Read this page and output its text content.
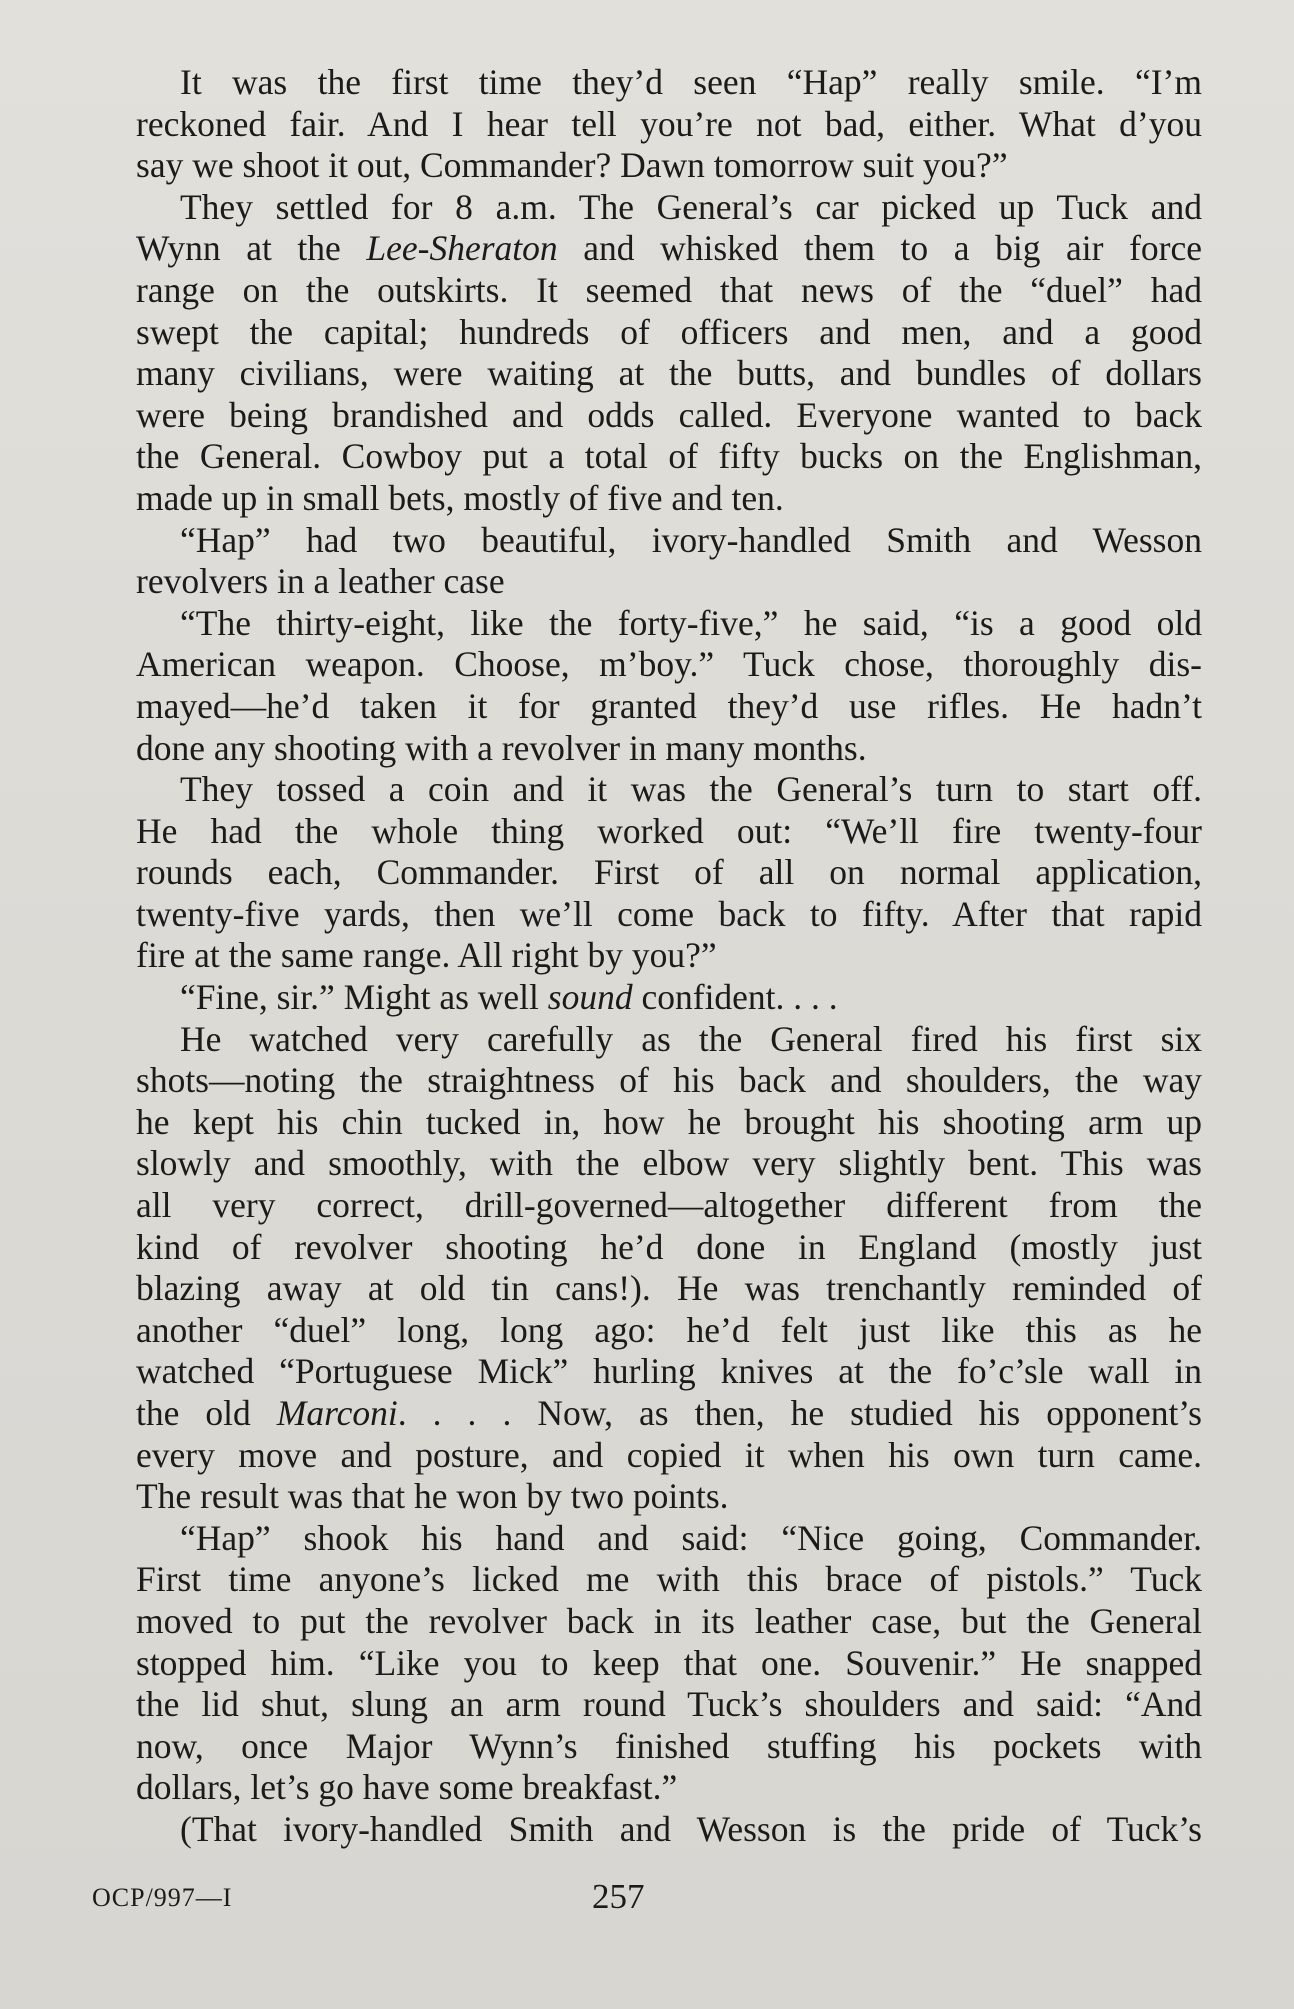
It was the first time they’d seen “Hap” really smile. “I’m
reckoned fair. And I hear tell you’re not bad, either. What d’you
say we shoot it out, Commander? Dawn tomorrow suit you?”
They settled for 8 a.m. The General’s car picked up Tuck and
Wynn at the Lee-Sheraton and whisked them to a big air force
range on the outskirts. It seemed that news of the “duel” had
swept the capital; hundreds of officers and men, and a good
many civilians, were waiting at the butts, and bundles of dollars
were being brandished and odds called. Everyone wanted to back
the General. Cowboy put a total of fifty bucks on the Englishman,
made up in small bets, mostly of five and ten.
“Hap” had two beautiful, ivory-handled Smith and Wesson
revolvers in a leather case
“The thirty-eight, like the forty-five,” he said, “is a good old
American weapon. Choose, m’boy.” Tuck chose, thoroughly dis-
mayed—he’d taken it for granted they’d use rifles. He hadn’t
done any shooting with a revolver in many months.
They tossed a coin and it was the General’s turn to start off.
He had the whole thing worked out: “We’ll fire twenty-four
rounds each, Commander. First of all on normal application,
twenty-five yards, then we’ll come back to fifty. After that rapid
fire at the same range. All right by you?”
“Fine, sir.” Might as well sound confident. . . .
He watched very carefully as the General fired his first six
shots—noting the straightness of his back and shoulders, the way
he kept his chin tucked in, how he brought his shooting arm up
slowly and smoothly, with the elbow very slightly bent. This was
all very correct, drill-governed—altogether different from the
kind of revolver shooting he’d done in England (mostly just
blazing away at old tin cans!). He was trenchantly reminded of
another “duel” long, long ago: he’d felt just like this as he
watched “Portuguese Mick” hurling knives at the fo’c’sle wall in
the old Marconi. . . . Now, as then, he studied his opponent’s
every move and posture, and copied it when his own turn came.
The result was that he won by two points.
“Hap” shook his hand and said: “Nice going, Commander.
First time anyone’s licked me with this brace of pistols.” Tuck
moved to put the revolver back in its leather case, but the General
stopped him. “Like you to keep that one. Souvenir.” He snapped
the lid shut, slung an arm round Tuck’s shoulders and said: “And
now, once Major Wynn’s finished stuffing his pockets with
dollars, let’s go have some breakfast.”
(That ivory-handled Smith and Wesson is the pride of Tuck’s
OCP/997—I	257
